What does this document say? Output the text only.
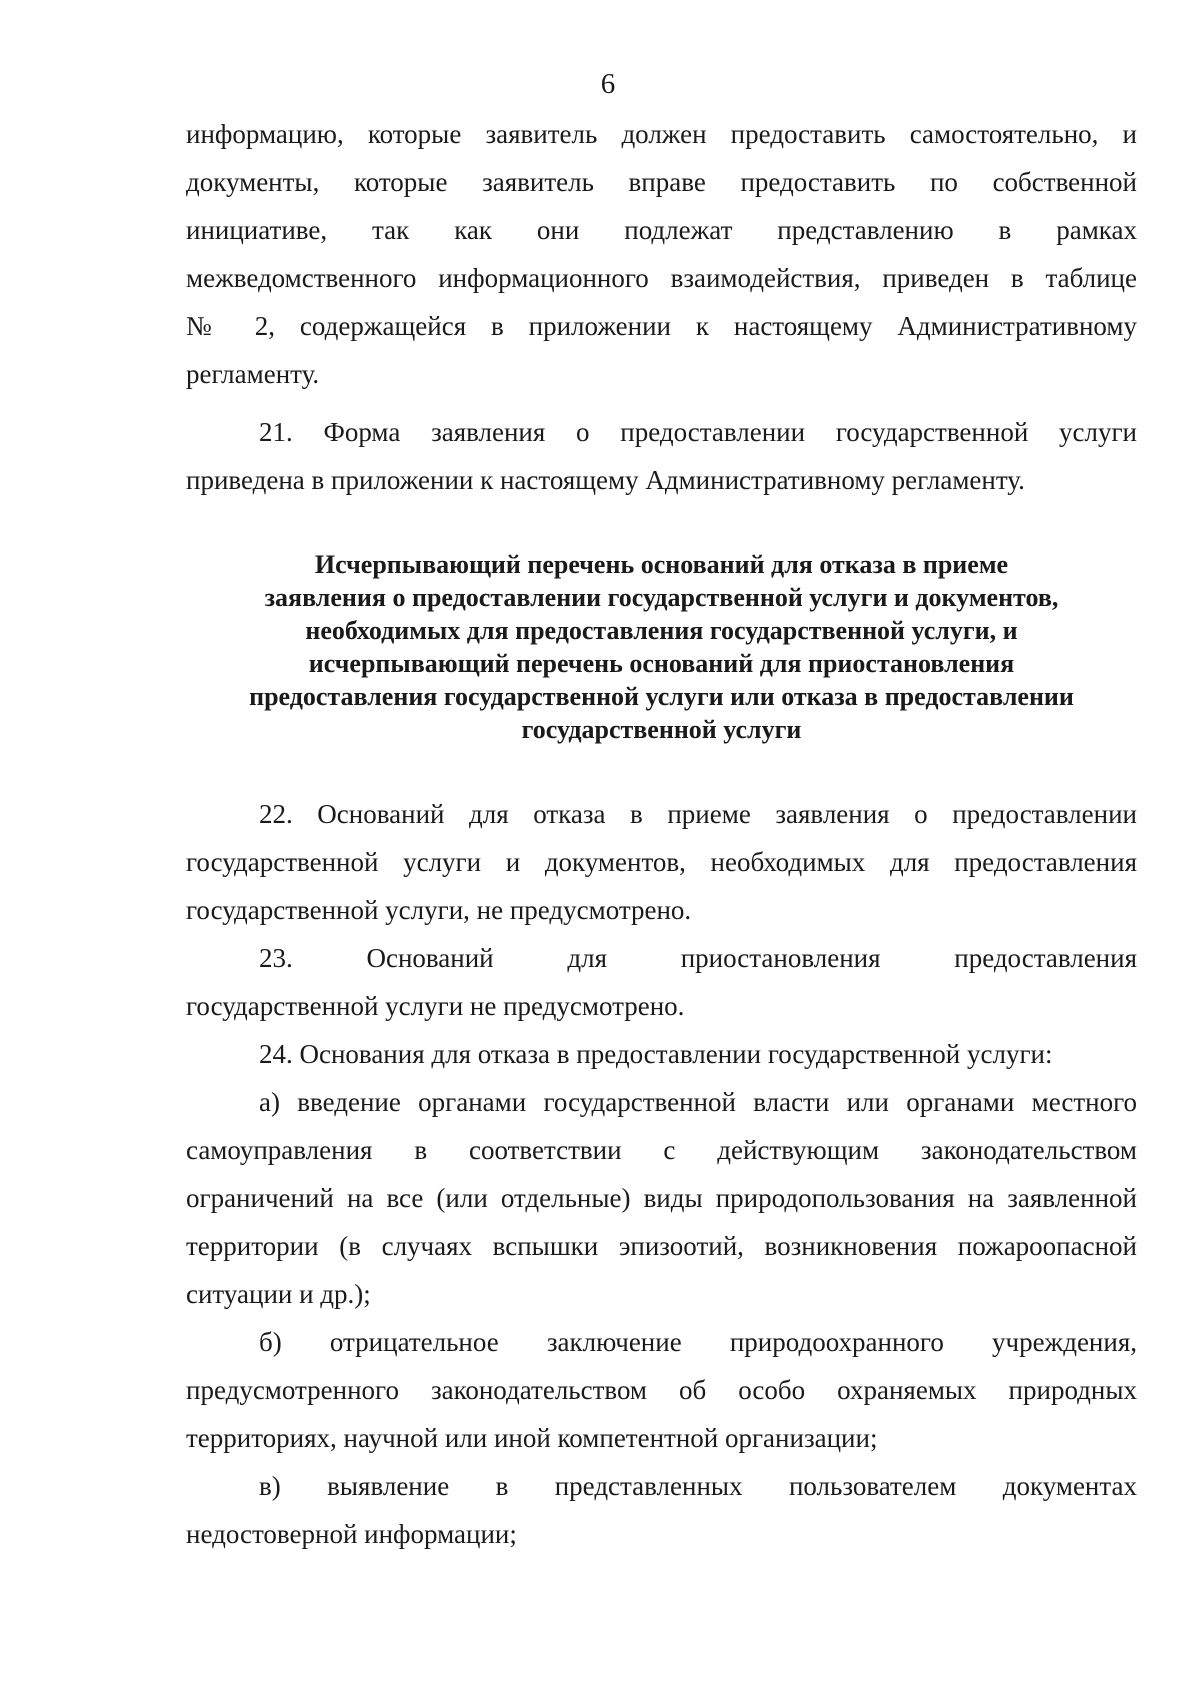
6
информацию, которые заявитель должен предоставить самостоятельно, и
документы, которые заявитель вправе предоставить по собственной
инициативе, так как они подлежат представлению в рамках
межведомственного информационного взаимодействия, приведен в таблице
№ 2, содержащейся в приложении к настоящему Административному
регламенту.
21. Форма заявления о предоставлении государственной услуги
приведена в приложении к настоящему Административному регламенту.
Исчерпывающий перечень оснований для отказа в приеме
заявления о предоставлении государственной услуги и документов,
необходимых для предоставления государственной услуги, и
исчерпывающий перечень оснований для приостановления
предоставления государственной услуги или отказа в предоставлении
государственной услуги
22. Оснований для отказа в приеме заявления о предоставлении
государственной услуги и документов, необходимых для предоставления
государственной услуги, не предусмотрено.
23. Оснований для приостановления предоставления
государственной услуги не предусмотрено.
24. Основания для отказа в предоставлении государственной услуги:
а) введение органами государственной власти или органами местного
самоуправления в соответствии с действующим законодательством
ограничений на все (или отдельные) виды природопользования на заявленной
территории (в случаях вспышки эпизоотий, возникновения пожароопасной
ситуации и др.);
б) отрицательное заключение природоохранного учреждения,
предусмотренного законодательством об особо охраняемых природных
территориях, научной или иной компетентной организации;
в) выявление в представленных пользователем документах
недостоверной информации;
